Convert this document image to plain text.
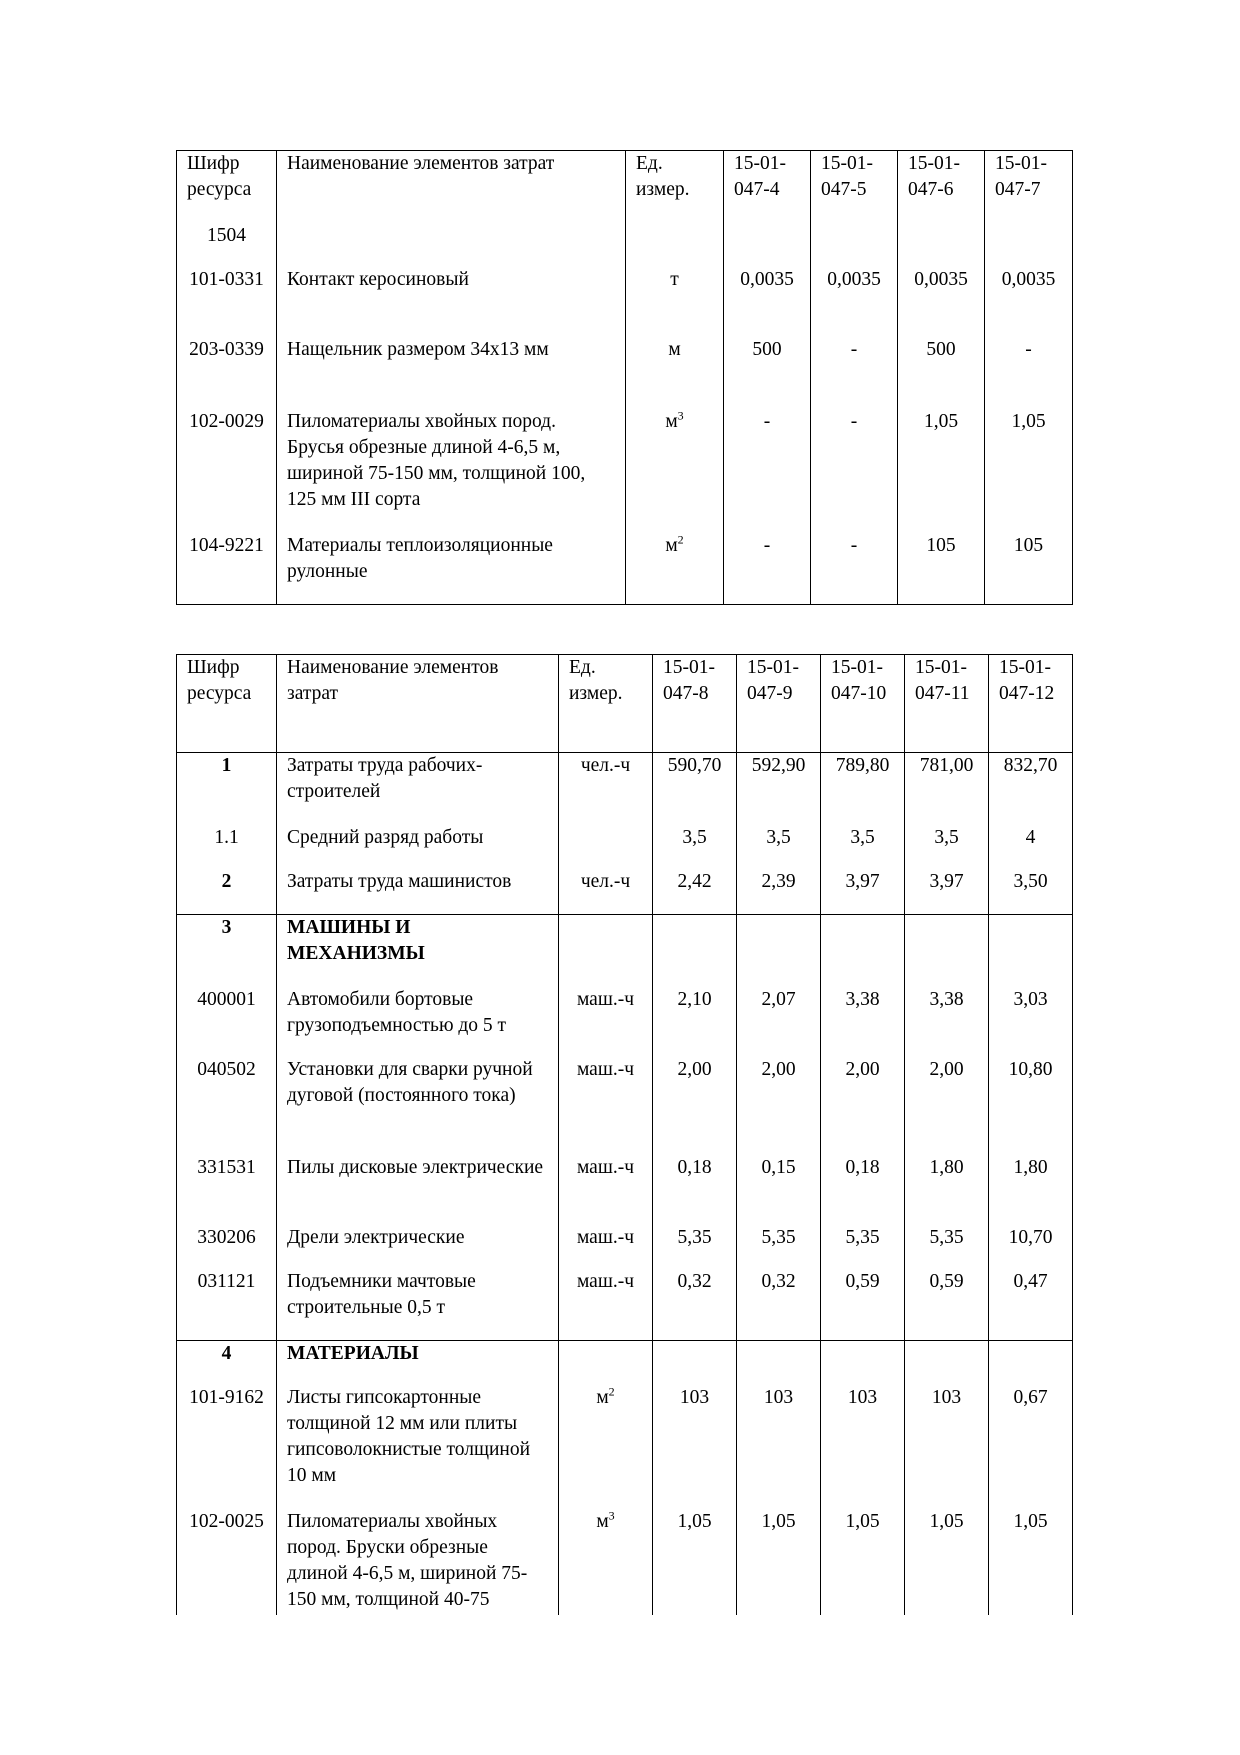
Шифр ресурса	Наименование элементов затрат	Ед. измер.	15-01-047-4	15-01-047-5	15-01-047-6	15-01-047-7
1504						
101-0331	Контакт керосиновый	т	0,0035	0,0035	0,0035	0,0035
203-0339	Нащельник размером 34х13 мм	м	500	-	500	-
102-0029	Пиломатериалы хвойных пород. Брусья обрезные длиной 4-6,5 м, шириной 75-150 мм, толщиной 100, 125 мм III сорта	$м^3$	-	-	1,05	1,05
104-9221	Материалы теплоизоляционные рулонные	$м^2$	-	-	105	105
Шифр ресурса	Наименование элементов затрат	Ед. измер.	15-01-047-8	15-01-047-9	15-01-047-10	15-01-047-11	15-01-047-12
1	Затраты труда рабочих-строителей	чел.-ч	590,70	592,90	789,80	781,00	832,70
1.1	Средний разряд работы		3,5	3,5	3,5	3,5	4
2	Затраты труда машинистов	чел.-ч	2,42	2,39	3,97	3,97	3,50
3	МАШИНЫ И МЕХАНИЗМЫ						
400001	Автомобили бортовые грузоподъемностью до 5 т	маш.-ч	2,10	2,07	3,38	3,38	3,03
040502	Установки для сварки ручной дуговой (постоянного тока)	маш.-ч	2,00	2,00	2,00	2,00	10,80
331531	Пилы дисковые электрические	маш.-ч	0,18	0,15	0,18	1,80	1,80
330206	Дрели электрические	маш.-ч	5,35	5,35	5,35	5,35	10,70
031121	Подъемники мачтовые строительные 0,5 т	маш.-ч	0,32	0,32	0,59	0,59	0,47
4	МАТЕРИАЛЫ						
101-9162	Листы гипсокартонные толщиной 12 мм или плиты гипсоволокнистые толщиной 10 мм	$м^2$	103	103	103	103	0,67
102-0025	Пиломатериалы хвойных пород. Бруски обрезные длиной 4-6,5 м, шириной 75-150 мм, толщиной 40-75	$м^3$	1,05	1,05	1,05	1,05	1,05
